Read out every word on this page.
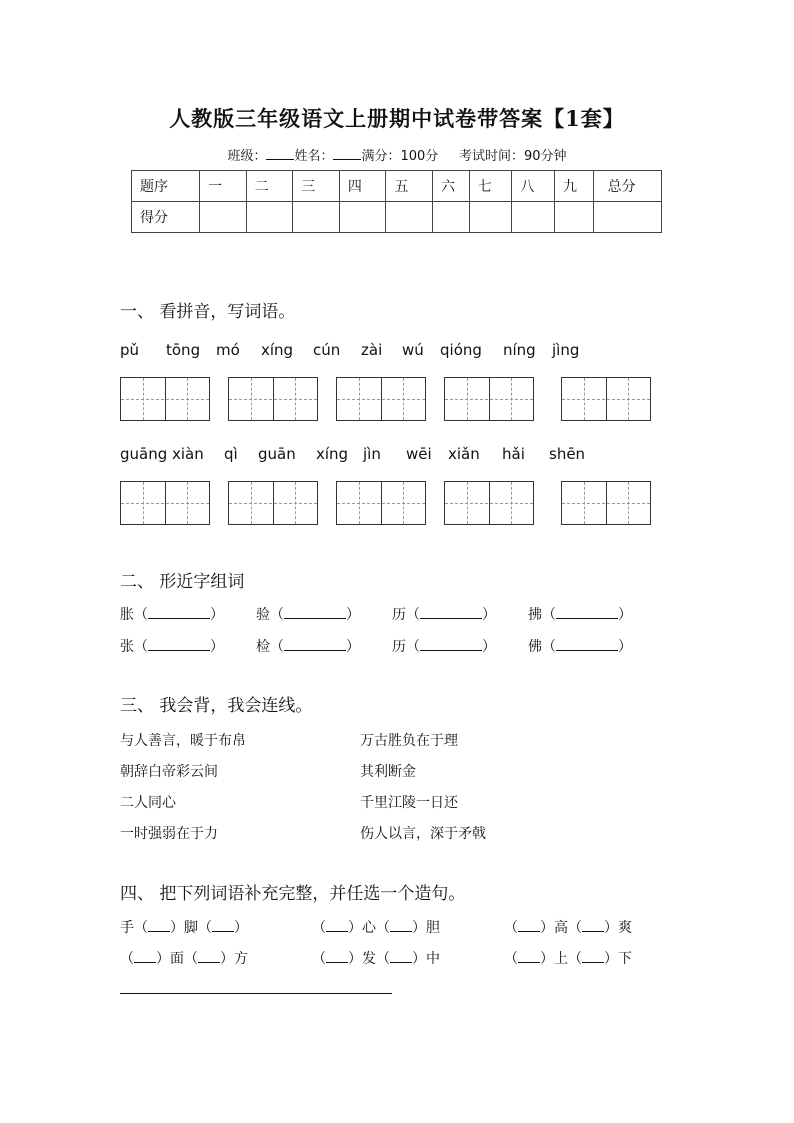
人教版三年级语文上册期中试卷带答案【1套】
班级： 姓名： 满分：100分 考试时间：90分钟
题序	一	二	三	四	五	六	七	八	九	总分
得分										
一、 看拼音，写词语。
pǔ tōng mó xíng cún zài wú qióng níng jìng
guāng xiàn qì guān xíng jìn wēi xiǎn hǎi shēn
二、 形近字组词
胀（	） 验（	） 历（	） 拂（	）
张（	） 检（	） 历（	） 佛（	）
三、 我会背，我会连线。
与人善言，暖于布帛
朝辞白帝彩云间
二人同心
一时强弱在于力
万古胜负在于理
其利断金
千里江陵一日还
伤人以言，深于矛戟
四、 把下列词语补充完整，并任选一个造句。
手（ ）脚（ ）	（ ）心（ ）胆	（ ）高（ ）爽
（ ）面（ ）方	（ ）发（ ）中	（ ）上（ ）下
